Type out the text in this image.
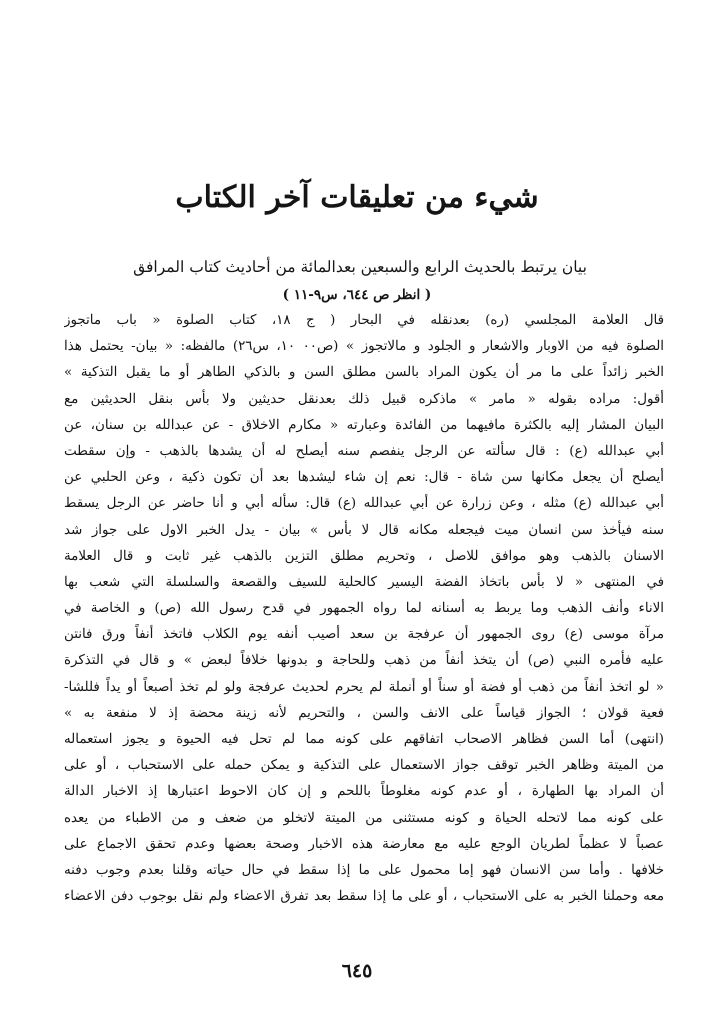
شيء من تعليقات آخر الكتاب
بيان يرتبط بالحديث الرابع والسبعين بعدالمائة من أحاديث كتاب المرافق
( انظر ص ٦٤٤، س٩-١١ )
قال العلامة المجلسي (ره) بعدنقله في البحار ( ج ١٨، كتاب الصلوة « باب ماتجوز
الصلوة فيه من الاوبار والاشعار و الجلود و مالاتجوز » (ص٠٠ ١٠، س٢٦) مالفظه: « بيان- يحتمل هذا
الخبر زائداً على ما مر أن يكون المراد بالسن مطلق السن و بالذكي الطاهر أو ما يقبل التذكية »
أقول: مراده بقوله « مامر » ماذكره قبيل ذلك بعدنقل حديثين ولا بأس بنقل الحديثين مع
البيان المشار إليه بالكثرة مافيهما من الفائدة وعبارته « مكارم الاخلاق - عن عبدالله بن سنان، عن
أبي عبدالله (ع) : قال سألته عن الرجل ينفصم سنه أيصلح له أن يشدها بالذهب - وإن سقطت
أيصلح أن يجعل مكانها سن شاة - قال: نعم إن شاء ليشدها بعد أن تكون ذكية ، وعن الحلبي عن
أبي عبدالله (ع) مثله ، وعن زرارة عن أبي عبدالله (ع) قال: سأله أبي و أنا حاضر عن الرجل يسقط
سنه فيأخذ سن انسان ميت فيجعله مكانه قال لا بأس » بيان - يدل الخبر الاول على جواز شد
الاسنان بالذهب وهو موافق للاصل ، وتحريم مطلق التزين بالذهب غير ثابت و قال العلامة
في المنتهى « لا بأس باتخاذ الفضة اليسير كالحلية للسيف والقصعة والسلسلة التي شعب بها
الاناء وأنف الذهب وما يربط به أسنانه لما رواه الجمهور في قدح رسول الله (ص) و الخاصة في
مرآة موسى (ع) روى الجمهور أن عرفجة بن سعد أصيب أنفه يوم الكلاب فاتخذ أنفاً ورق فانتن
عليه فأمره النبي (ص) أن يتخذ أنفاً من ذهب وللحاجة و بدونها خلافاً لبعض » و قال في التذكرة
« لو اتخذ أنفاً من ذهب أو فضة أو سناً أو أنملة لم يحرم لحديث عرفجة ولو لم تخذ أصبعاً أو يداً فللشا-
فعية قولان ؛ الجواز قياساً على الانف والسن ، والتحريم لأنه زينة محضة إذ لا منفعة به »
(انتهى) أما السن فظاهر الاصحاب اتفاقهم على كونه مما لم تحل فيه الحيوة و يجوز استعماله
من الميتة وظاهر الخبر توقف جواز الاستعمال على التذكية و يمكن حمله على الاستحباب ، أو على
أن المراد بها الطهارة ، أو عدم كونه مغلوطاً باللحم و إن كان الاحوط اعتبارها إذ الاخبار الدالة
على كونه مما لاتحله الحياة و كونه مستثنى من الميتة لاتخلو من ضعف و من الاطباء من يعده
عصباً لا عظماً لطريان الوجع عليه مع معارضة هذه الاخبار وصحة بعضها وعدم تحقق الاجماع على
خلافها . وأما سن الانسان فهو إما محمول على ما إذا سقط في حال حياته وقلنا بعدم وجوب دفنه
معه وحملنا الخبر به على الاستحباب ، أو على ما إذا سقط بعد تفرق الاعضاء ولم نقل بوجوب دفن الاعضاء
٦٤٥
